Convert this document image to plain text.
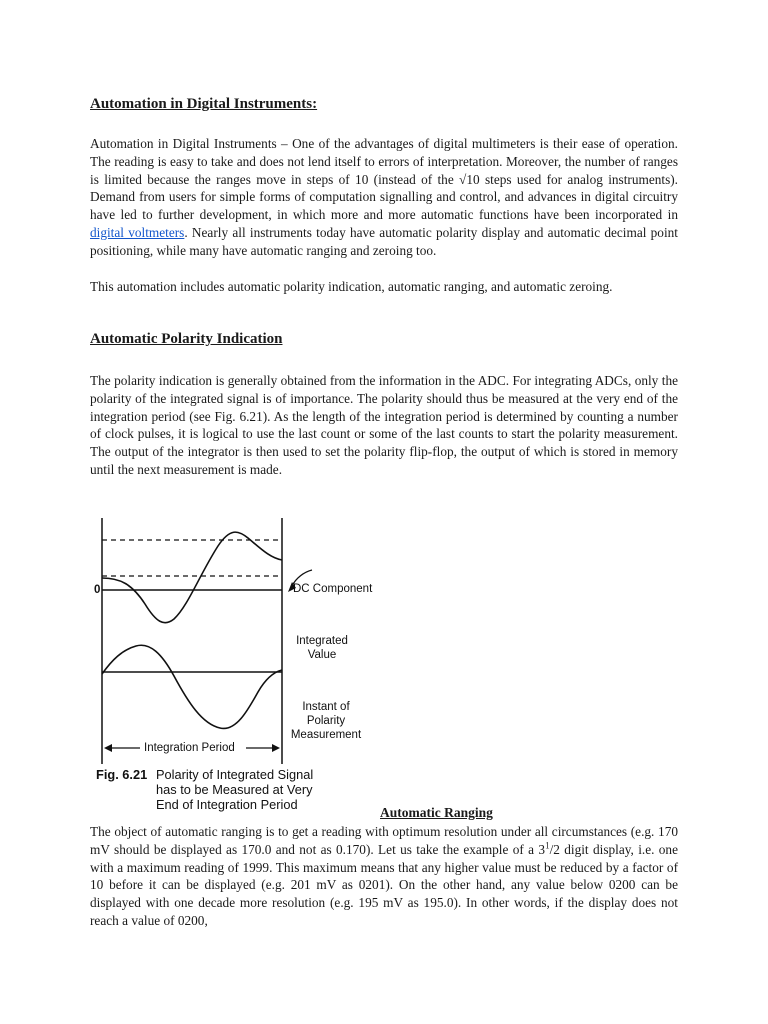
Automation in Digital Instruments:

Automation in Digital Instruments – One of the advantages of digital multimeters is their ease of operation. The reading is easy to take and does not lend itself to errors of interpretation. Moreover, the number of ranges is limited because the ranges move in steps of 10 (instead of the √10 steps used for analog instruments). Demand from users for simple forms of computation signalling and control, and advances in digital circuitry have led to further development, in which more and more automatic functions have been incorporated in digital voltmeters. Nearly all instruments today have automatic polarity display and automatic decimal point positioning, while many have automatic ranging and zeroing too.

This automation includes automatic polarity indication, automatic ranging, and automatic zeroing.

Automatic Polarity Indication

The polarity indication is generally obtained from the information in the ADC. For integrating ADCs, only the polarity of the integrated signal is of importance. The polarity should thus be measured at the very end of the integration period (see Fig. 6.21). As the length of the integration period is determined by counting a number of clock pulses, it is logical to use the last count or some of the last counts to start the polarity measurement. The output of the integrator is then used to set the polarity flip-flop, the output of which is stored in memory until the next measurement is made.

0	DC Component
Integrated
Value
Instant of
Polarity
Measurement
Integration Period
Fig. 6.21 Polarity of Integrated Signal
has to be Measured at Very
End of Integration Period
Automatic Ranging

The object of automatic ranging is to get a reading with optimum resolution under all circumstances (e.g. 170 mV should be displayed as 170.0 and not as 0.170). Let us take the example of a $3^1/2$ digit display, i.e. one with a maximum reading of 1999. This maximum means that any higher value must be reduced by a factor of 10 before it can be displayed (e.g. 201 mV as 0201). On the other hand, any value below 0200 can be displayed with one decade more resolution (e.g. 195 mV as 195.0). In other words, if the display does not reach a value of 0200,
